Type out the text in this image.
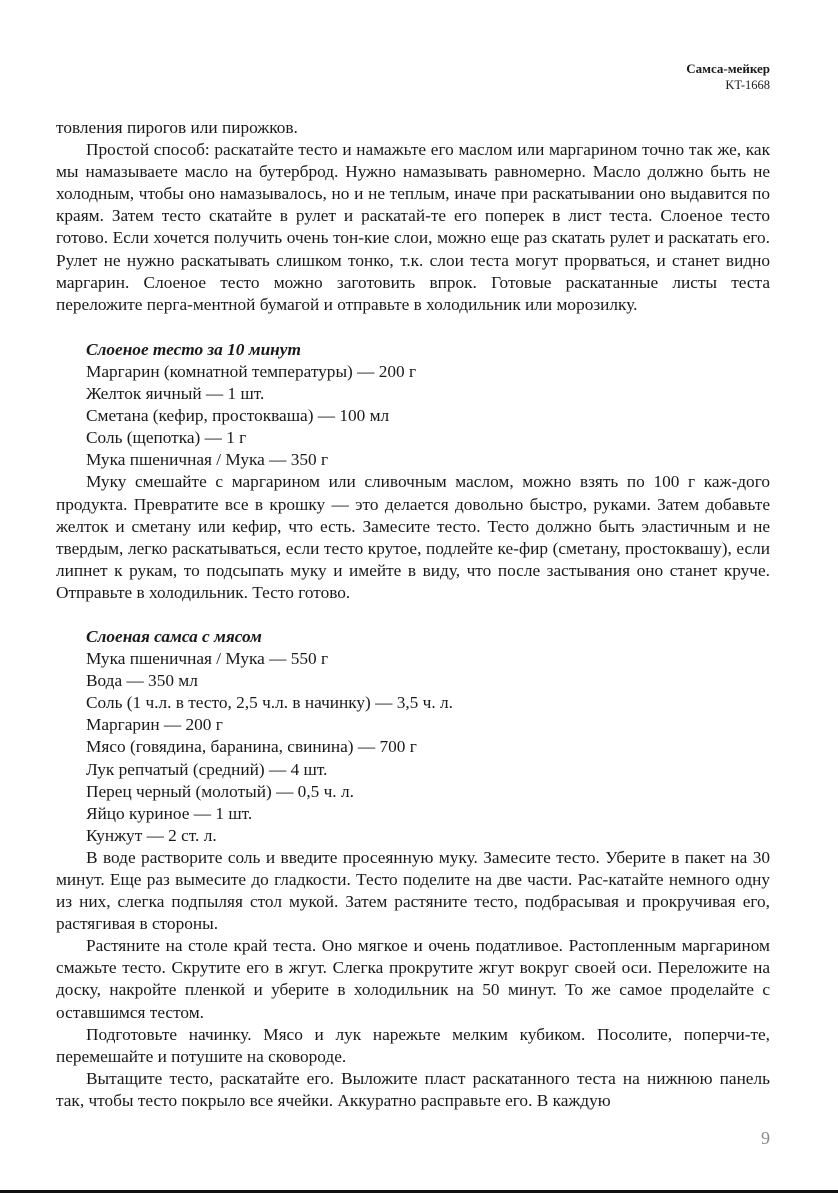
Самса-мейкер
KT-1668

товления пирогов или пирожков.

Простой способ: раскатайте тесто и намажьте его маслом или маргарином точно так же, как мы намазываете масло на бутерброд. Нужно намазывать равномерно. Масло должно быть не холодным, чтобы оно намазывалось, но и не теплым, иначе при раскатывании оно выдавится по краям. Затем тесто скатайте в рулет и раскатай-те его поперек в лист теста. Слоеное тесто готово. Если хочется получить очень тон-кие слои, можно еще раз скатать рулет и раскатать его. Рулет не нужно раскатывать слишком тонко, т.к. слои теста могут прорваться, и станет видно маргарин. Слоеное тесто можно заготовить впрок. Готовые раскатанные листы теста переложите перга-ментной бумагой и отправьте в холодильник или морозилку.

Слоеное тесто за 10 минут

Маргарин (комнатной температуры) — 200 г

Желток яичный — 1 шт.

Сметана (кефир, простокваша) — 100 мл

Соль (щепотка) — 1 г

Мука пшеничная / Мука — 350 г

Муку смешайте с маргарином или сливочным маслом, можно взять по 100 г каж-дого продукта. Превратите все в крошку — это делается довольно быстро, руками. Затем добавьте желток и сметану или кефир, что есть. Замесите тесто. Тесто должно быть эластичным и не твердым, легко раскатываться, если тесто крутое, подлейте ке-фир (сметану, простоквашу), если липнет к рукам, то подсыпать муку и имейте в виду, что после застывания оно станет круче. Отправьте в холодильник. Тесто готово.

Слоеная самса с мясом

Мука пшеничная / Мука — 550 г

Вода — 350 мл

Соль (1 ч.л. в тесто, 2,5 ч.л. в начинку) — 3,5 ч. л.

Маргарин — 200 г

Мясо (говядина, баранина, свинина) — 700 г

Лук репчатый (средний) — 4 шт.

Перец черный (молотый) — 0,5 ч. л.

Яйцо куриное — 1 шт.

Кунжут — 2 ст. л.

В воде растворите соль и введите просеянную муку. Замесите тесто. Уберите в пакет на 30 минут. Еще раз вымесите до гладкости. Тесто поделите на две части. Рас-катайте немного одну из них, слегка подпыляя стол мукой. Затем растяните тесто, подбрасывая и прокручивая его, растягивая в стороны.

Растяните на столе край теста. Оно мягкое и очень податливое. Растопленным маргарином смажьте тесто. Скрутите его в жгут. Слегка прокрутите жгут вокруг своей оси. Переложите на доску, накройте пленкой и уберите в холодильник на 50 минут. То же самое проделайте с оставшимся тестом.

Подготовьте начинку. Мясо и лук нарежьте мелким кубиком. Посолите, поперчи-те, перемешайте и потушите на сковороде.

Вытащите тесто, раскатайте его. Выложите пласт раскатанного теста на нижнюю панель так, чтобы тесто покрыло все ячейки. Аккуратно расправьте его. В каждую

9
